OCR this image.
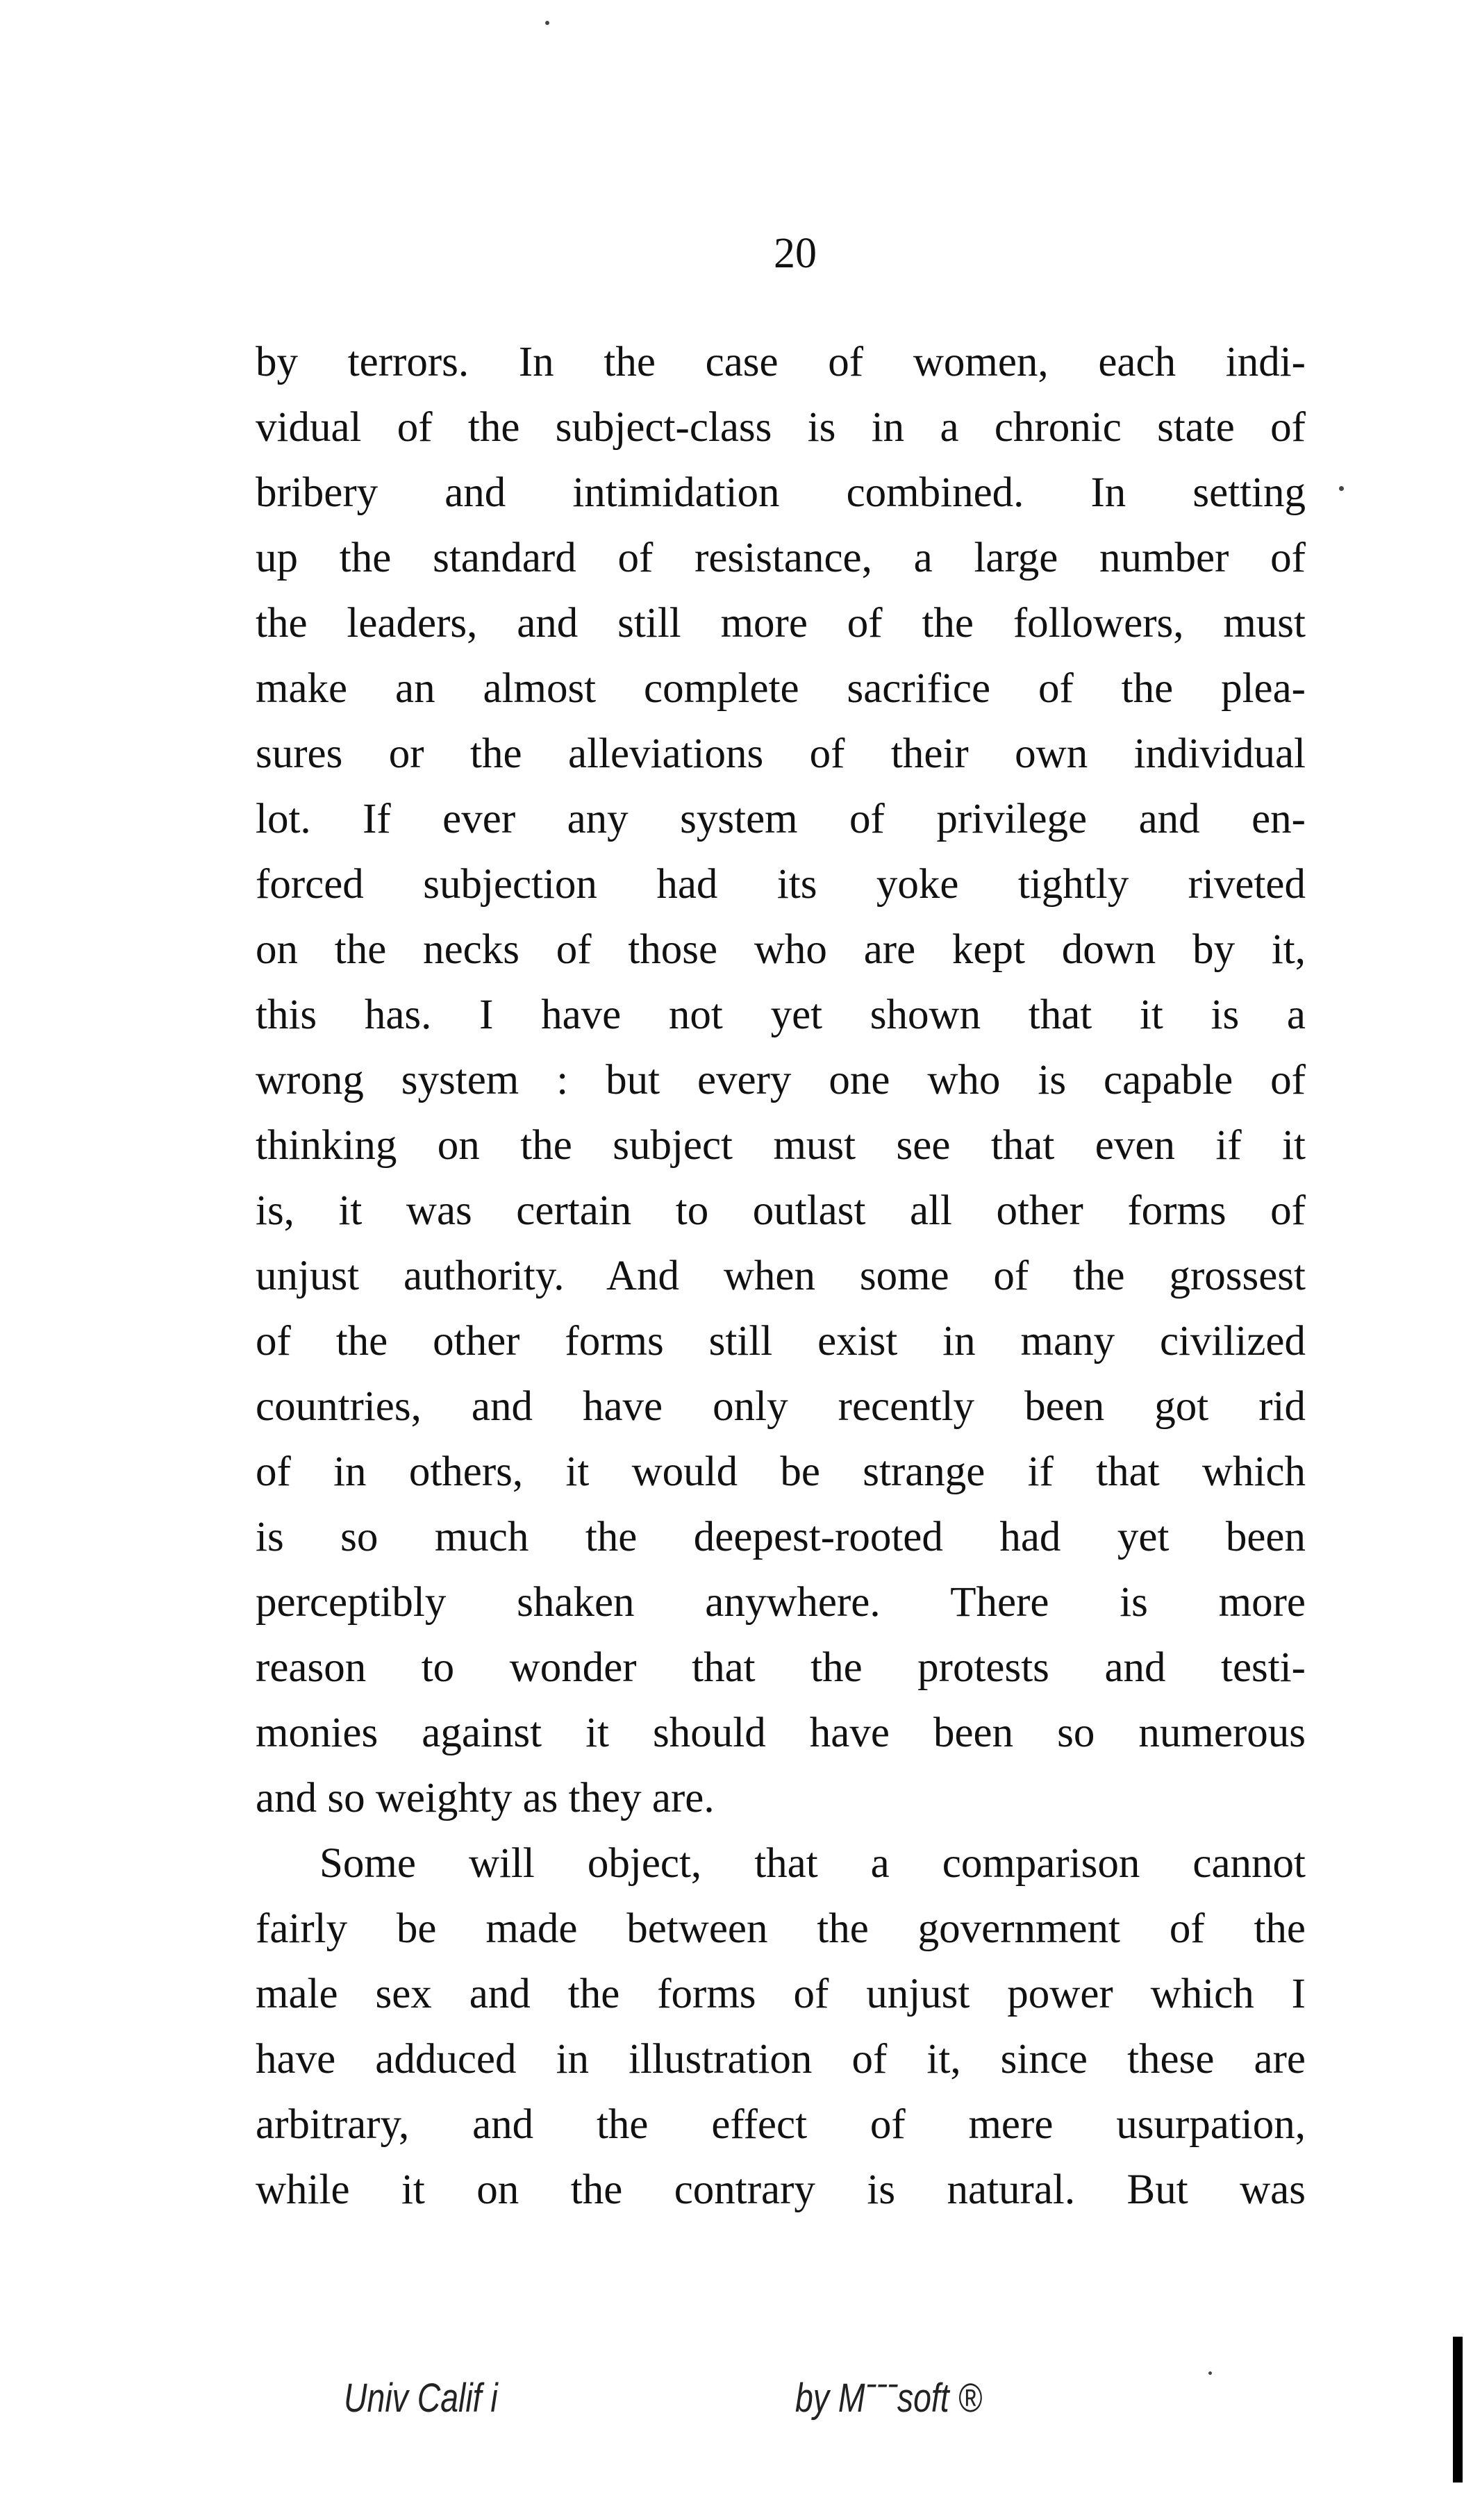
20
by terrors. In the case of women, each indi-
vidual of the subject-class is in a chronic state of
bribery and intimidation combined. In setting
up the standard of resistance, a large number of
the leaders, and still more of the followers, must
make an almost complete sacrifice of the plea-
sures or the alleviations of their own individual
lot. If ever any system of privilege and en-
forced subjection had its yoke tightly riveted
on the necks of those who are kept down by it,
this has. I have not yet shown that it is a
wrong system : but every one who is capable of
thinking on the subject must see that even if it
is, it was certain to outlast all other forms of
unjust authority. And when some of the grossest
of the other forms still exist in many civilized
countries, and have only recently been got rid
of in others, it would be strange if that which
is so much the deepest-rooted had yet been
perceptibly shaken anywhere. There is more
reason to wonder that the protests and testi-
monies against it should have been so numerous
and so weighty as they are.
Some will object, that a comparison cannot
fairly be made between the government of the
male sex and the forms of unjust power which I
have adduced in illustration of it, since these are
arbitrary, and the effect of mere usurpation,
while it on the contrary is natural. But was
Univ Calif i	by Mˉˉˉsoft ®
